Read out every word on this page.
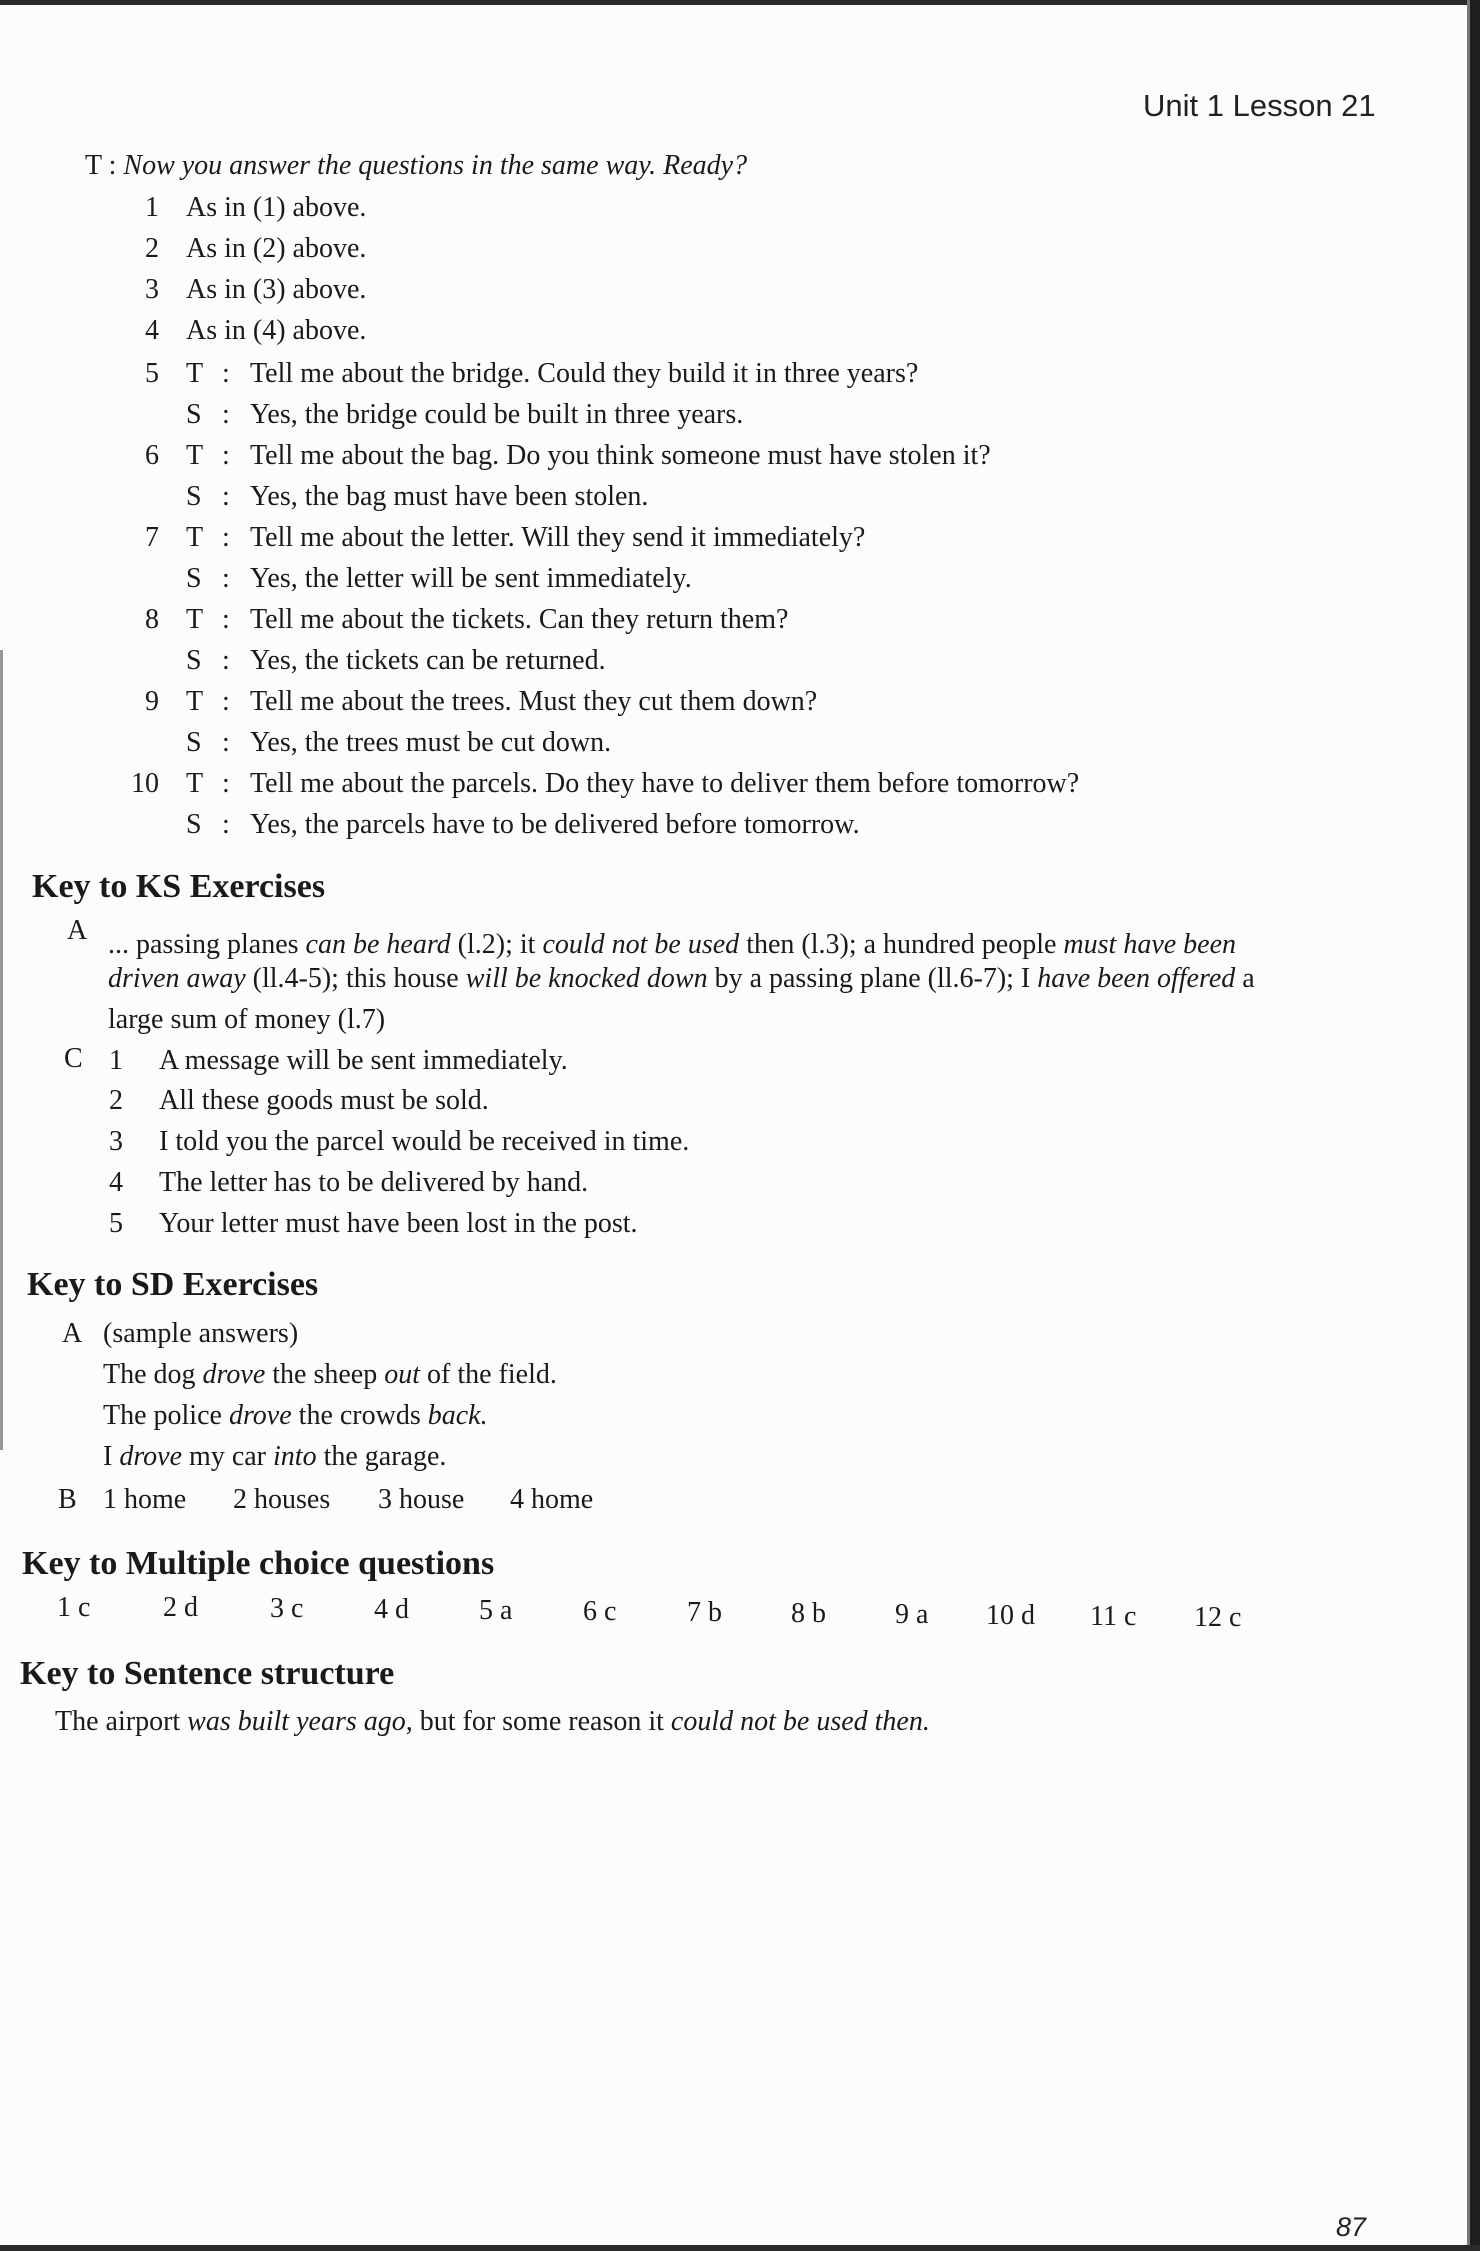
Unit 1 Lesson 21
T : Now you answer the questions in the same way. Ready?
1 As in (1) above.
2 As in (2) above.
3 As in (3) above.
4 As in (4) above.
5 T : Tell me about the bridge. Could they build it in three years?
S : Yes, the bridge could be built in three years.
6 T : Tell me about the bag. Do you think someone must have stolen it?
S : Yes, the bag must have been stolen.
7 T : Tell me about the letter. Will they send it immediately?
S : Yes, the letter will be sent immediately.
8 T : Tell me about the tickets. Can they return them?
S : Yes, the tickets can be returned.
9 T : Tell me about the trees. Must they cut them down?
S : Yes, the trees must be cut down.
10 T : Tell me about the parcels. Do they have to deliver them before tomorrow?
S : Yes, the parcels have to be delivered before tomorrow.
Key to KS Exercises
A ... passing planes can be heard (l.2); it could not be used then (l.3); a hundred people must have been
driven away (ll.4-5); this house will be knocked down by a passing plane (ll.6-7); I have been offered a
large sum of money (l.7)
C 1 A message will be sent immediately.
2 All these goods must be sold.
3 I told you the parcel would be received in time.
4 The letter has to be delivered by hand.
5 Your letter must have been lost in the post.
Key to SD Exercises
A (sample answers)
The dog drove the sheep out of the field.
The police drove the crowds back.
I drove my car into the garage.
B 1 home 2 houses 3 house 4 home
Key to Multiple choice questions
1 c	2 d	3 c	4 d	5 a	6 c	7 b 8 b 9 a 10 d 11 c 12 c
Key to Sentence structure
The airport was built years ago, but for some reason it could not be used then.
87
